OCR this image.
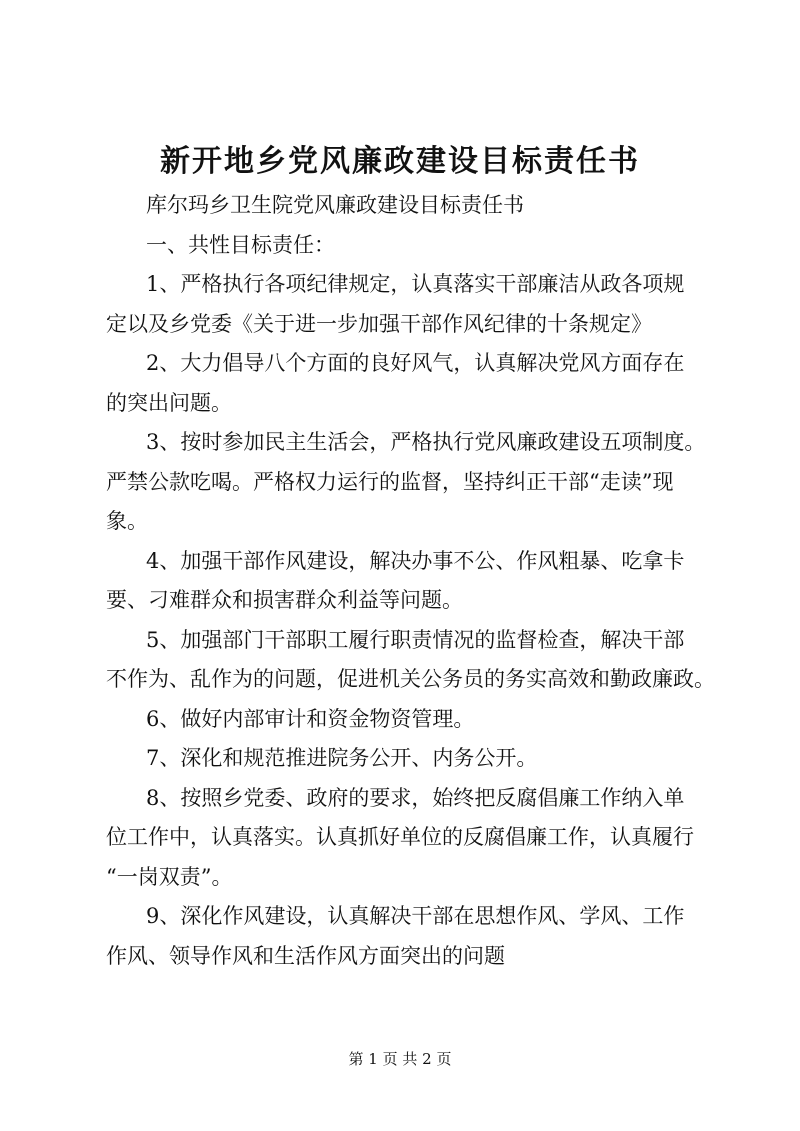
新开地乡党风廉政建设目标责任书
库尔玛乡卫生院党风廉政建设目标责任书
一、共性目标责任：
1、严格执行各项纪律规定，认真落实干部廉洁从政各项规
定以及乡党委《关于进一步加强干部作风纪律的十条规定》
2、大力倡导八个方面的良好风气，认真解决党风方面存在
的突出问题。
3、按时参加民主生活会，严格执行党风廉政建设五项制度。
严禁公款吃喝。严格权力运行的监督，坚持纠正干部“走读”现
象。
4、加强干部作风建设，解决办事不公、作风粗暴、吃拿卡
要、刁难群众和损害群众利益等问题。
5、加强部门干部职工履行职责情况的监督检查，解决干部
不作为、乱作为的问题，促进机关公务员的务实高效和勤政廉政。
6、做好内部审计和资金物资管理。
7、深化和规范推进院务公开、内务公开。
8、按照乡党委、政府的要求，始终把反腐倡廉工作纳入单
位工作中，认真落实。认真抓好单位的反腐倡廉工作，认真履行
“一岗双责”。
9、深化作风建设，认真解决干部在思想作风、学风、工作
作风、领导作风和生活作风方面突出的问题
第 1 页 共 2 页
